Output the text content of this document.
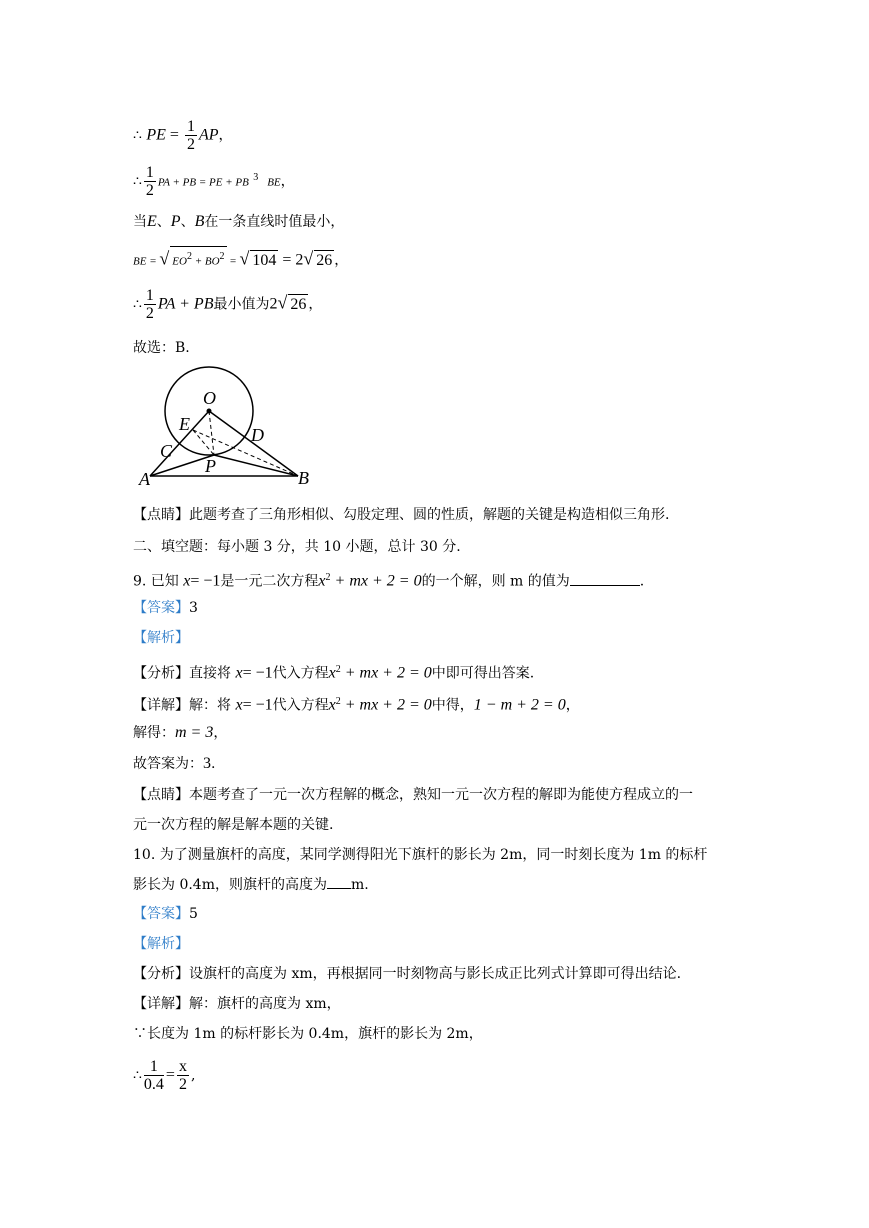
∴ PE = $\frac{1}{2}$ AP，
∴ $\frac{1}{2}$ PA + PB = PE + PB $^3$ BE，
当E、P、B在一条直线时值最小，
BE = √ $EO^2 + BO^2$ = √ 104 = 2√ 26 ，
∴ $\frac{1}{2}$ PA + PB最小值为2√ 26 ，
故选：B.
O
E
D
C
P
A	B
【点睛】此题考查了三角形相似、勾股定理、圆的性质，解题的关键是构造相似三角形.
二、填空题：每小题 3 分，共 10 小题，总计 30 分.
9. 已知 x= −1是一元二次方程$x^2$ + mx + 2 = 0的一个解，则 m 的值为	.
【答案】3
【解析】
【分析】直接将 x= −1代入方程$x^2$ + mx + 2 = 0中即可得出答案.
【详解】解：将 x= −1代入方程$x^2$ + mx + 2 = 0中得，1 − m + 2 = 0，
解得：m = 3，
故答案为：3.
【点睛】本题考查了一元一次方程解的概念，熟知一元一次方程的解即为能使方程成立的一
元一次方程的解是解本题的关键.
10. 为了测量旗杆的高度，某同学测得阳光下旗杆的影长为 2m，同一时刻长度为 1m 的标杆
影长为 0.4m，则旗杆的高度为 m.
【答案】5
【解析】
【分析】设旗杆的高度为 xm，再根据同一时刻物高与影长成正比列式计算即可得出结论.
【详解】解：旗杆的高度为 xm，
∵长度为 1m 的标杆影长为 0.4m，旗杆的影长为 2m，
∴ $\frac{1}{0.4} = \frac{x}{2}$ ,
